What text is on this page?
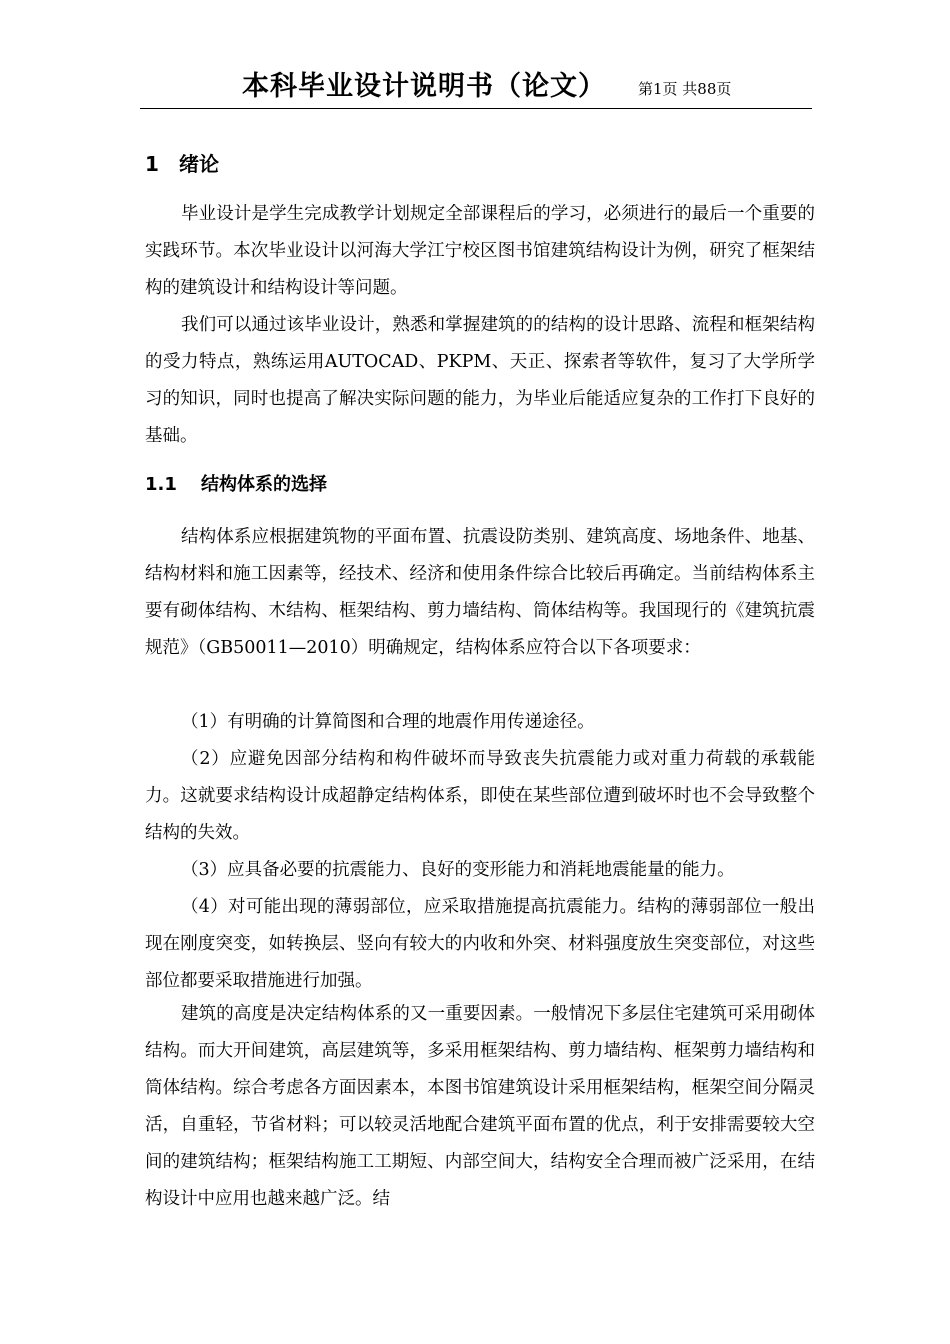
本科毕业设计说明书（论文） 第1页 共88页
1 绪论

毕业设计是学生完成教学计划规定全部课程后的学习，必须进行的最后一个重要的实践环节。本次毕业设计以河海大学江宁校区图书馆建筑结构设计为例，研究了框架结构的建筑设计和结构设计等问题。

我们可以通过该毕业设计，熟悉和掌握建筑的的结构的设计思路、流程和框架结构的受力特点，熟练运用AUTOCAD、PKPM、天正、探索者等软件，复习了大学所学习的知识，同时也提高了解决实际问题的能力，为毕业后能适应复杂的工作打下良好的基础。

1.1 结构体系的选择

结构体系应根据建筑物的平面布置、抗震设防类别、建筑高度、场地条件、地基、结构材料和施工因素等，经技术、经济和使用条件综合比较后再确定。当前结构体系主要有砌体结构、木结构、框架结构、剪力墙结构、筒体结构等。我国现行的《建筑抗震规范》（GB50011—2010）明确规定，结构体系应符合以下各项要求：

（1）有明确的计算简图和合理的地震作用传递途径。

（2）应避免因部分结构和构件破坏而导致丧失抗震能力或对重力荷载的承载能力。这就要求结构设计成超静定结构体系，即使在某些部位遭到破坏时也不会导致整个结构的失效。

（3）应具备必要的抗震能力、良好的变形能力和消耗地震能量的能力。

（4）对可能出现的薄弱部位，应采取措施提高抗震能力。结构的薄弱部位一般出现在刚度突变，如转换层、竖向有较大的内收和外突、材料强度放生突变部位，对这些部位都要采取措施进行加强。

建筑的高度是决定结构体系的又一重要因素。一般情况下多层住宅建筑可采用砌体结构。而大开间建筑，高层建筑等，多采用框架结构、剪力墙结构、框架剪力墙结构和筒体结构。综合考虑各方面因素本，本图书馆建筑设计采用框架结构，框架空间分隔灵活，自重轻，节省材料；可以较灵活地配合建筑平面布置的优点，利于安排需要较大空间的建筑结构；框架结构施工工期短、内部空间大，结构安全合理而被广泛采用，在结构设计中应用也越来越广泛。结
